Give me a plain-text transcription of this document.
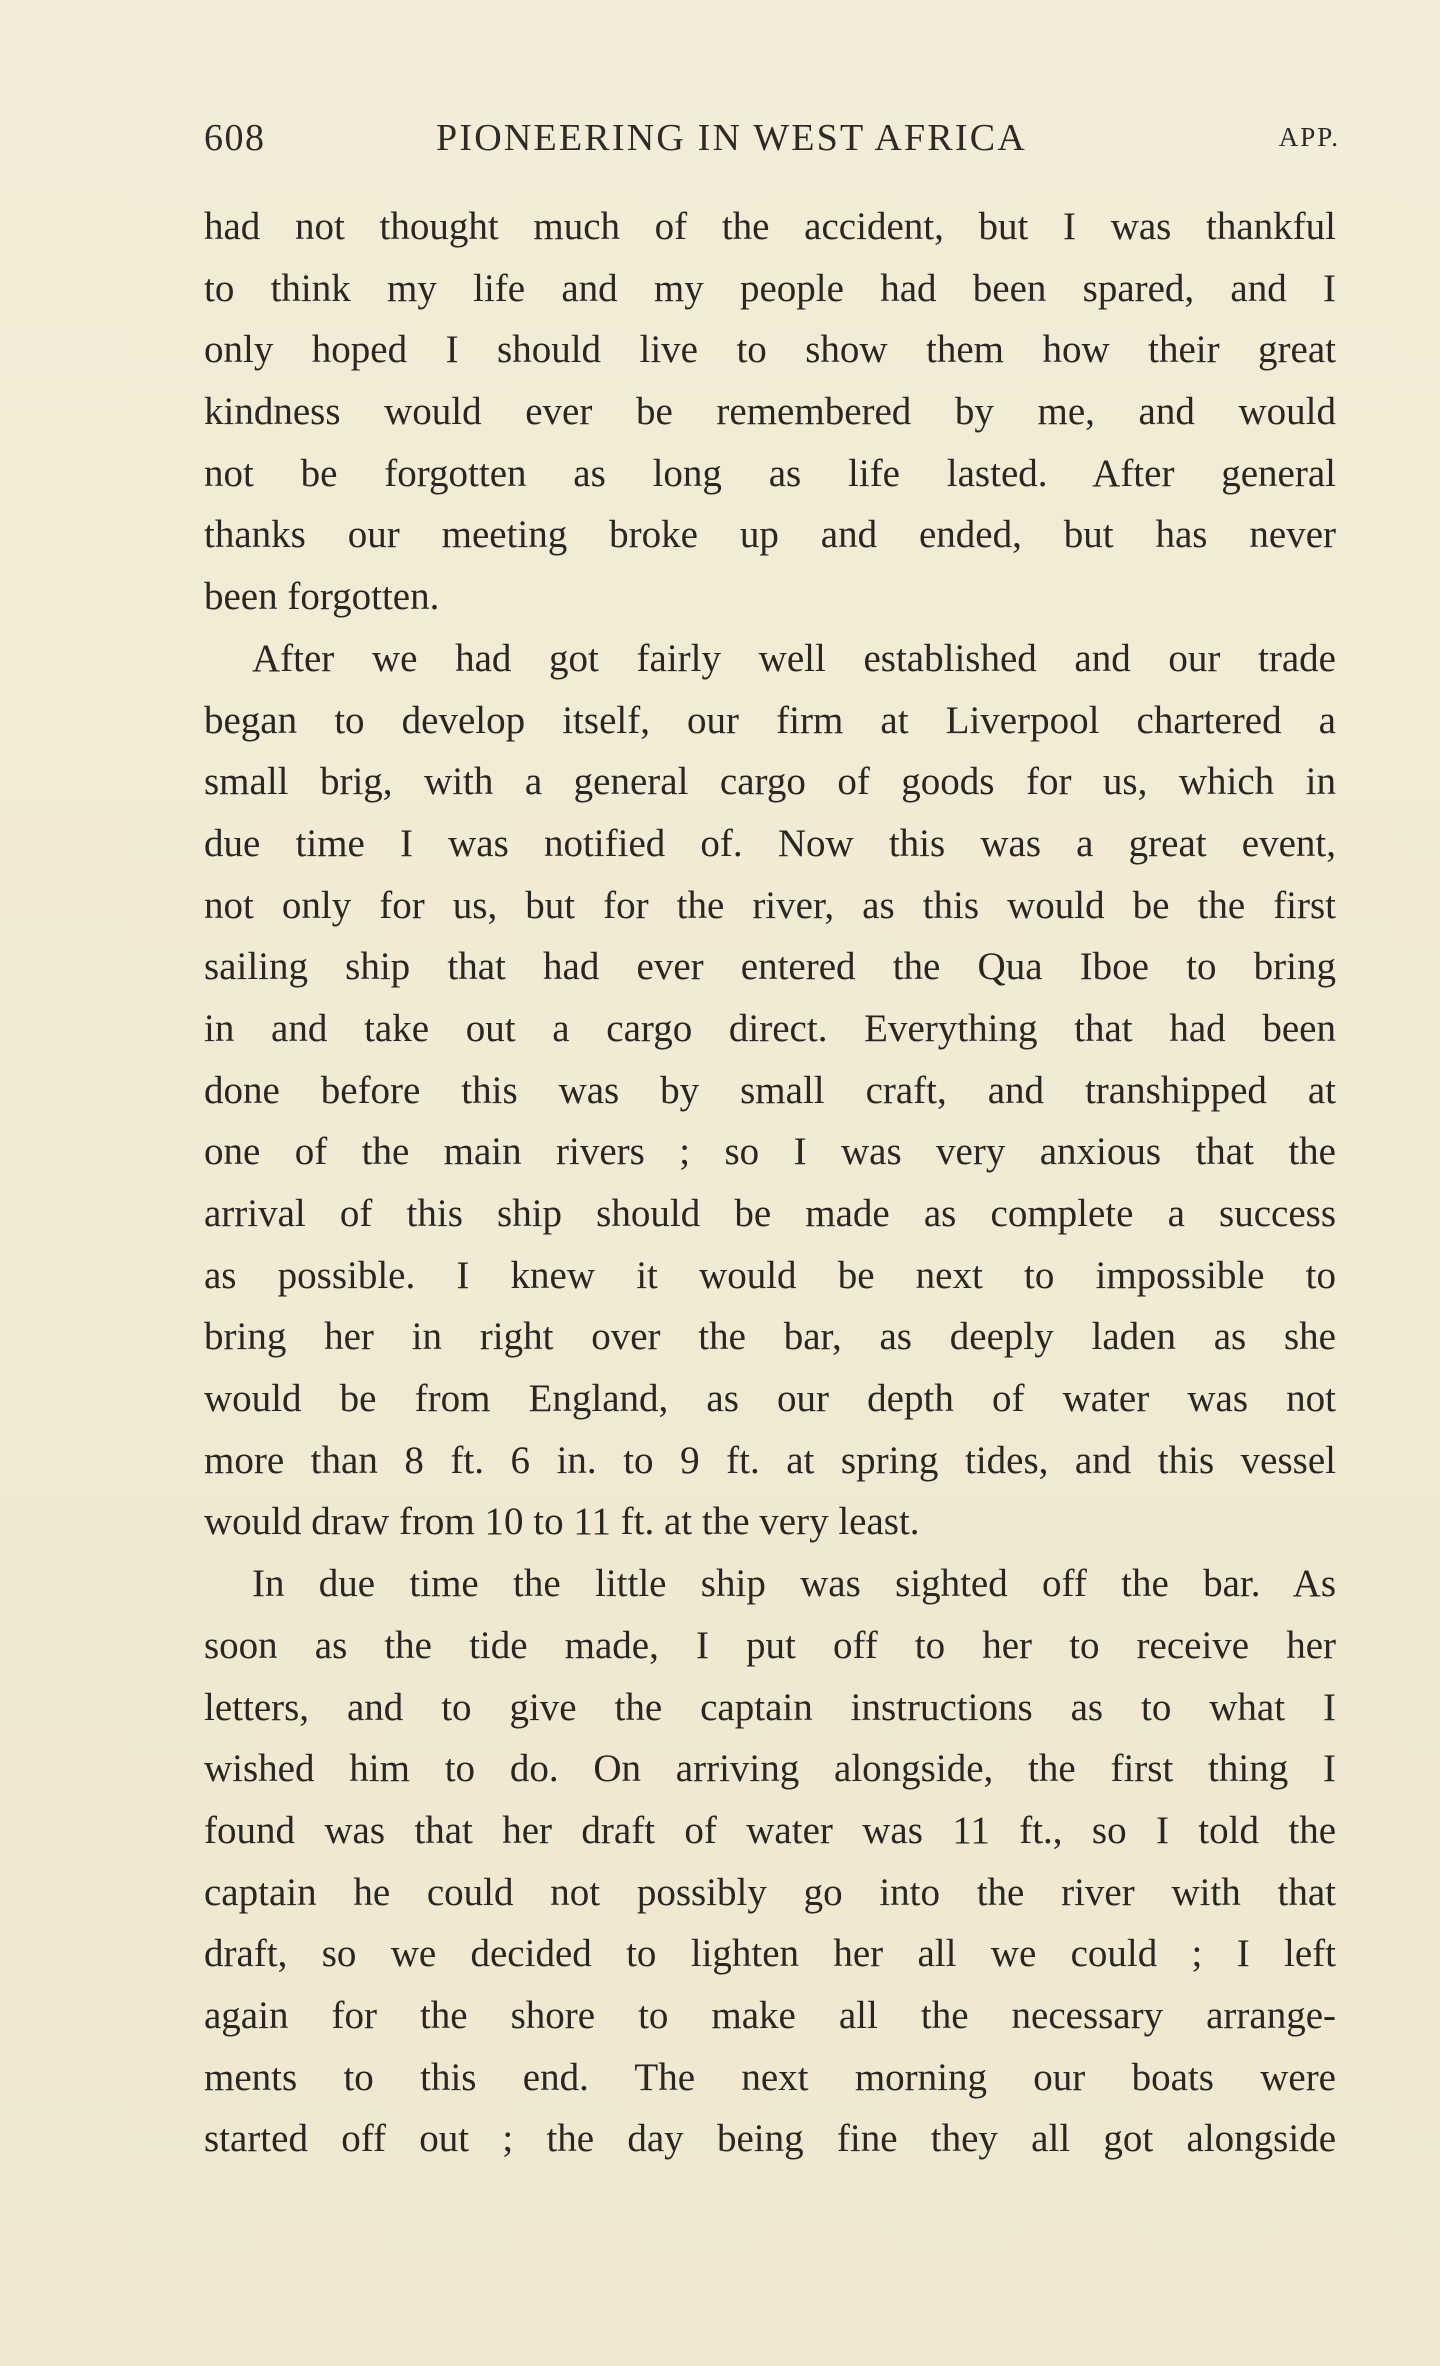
608	PIONEERING IN WEST AFRICA	APP.
had not thought much of the accident, but I was thankful
to think my life and my people had been spared, and I
only hoped I should live to show them how their great
kindness would ever be remembered by me, and would
not be forgotten as long as life lasted. After general
thanks our meeting broke up and ended, but has never
been forgotten.
After we had got fairly well established and our trade
began to develop itself, our firm at Liverpool chartered a
small brig, with a general cargo of goods for us, which in
due time I was notified of. Now this was a great event,
not only for us, but for the river, as this would be the first
sailing ship that had ever entered the Qua Iboe to bring
in and take out a cargo direct. Everything that had been
done before this was by small craft, and transhipped at
one of the main rivers ; so I was very anxious that the
arrival of this ship should be made as complete a success
as possible. I knew it would be next to impossible to
bring her in right over the bar, as deeply laden as she
would be from England, as our depth of water was not
more than 8 ft. 6 in. to 9 ft. at spring tides, and this vessel
would draw from 10 to 11 ft. at the very least.
In due time the little ship was sighted off the bar. As
soon as the tide made, I put off to her to receive her
letters, and to give the captain instructions as to what I
wished him to do. On arriving alongside, the first thing I
found was that her draft of water was 11 ft., so I told the
captain he could not possibly go into the river with that
draft, so we decided to lighten her all we could ; I left
again for the shore to make all the necessary arrange-
ments to this end. The next morning our boats were
started off out ; the day being fine they all got alongside
